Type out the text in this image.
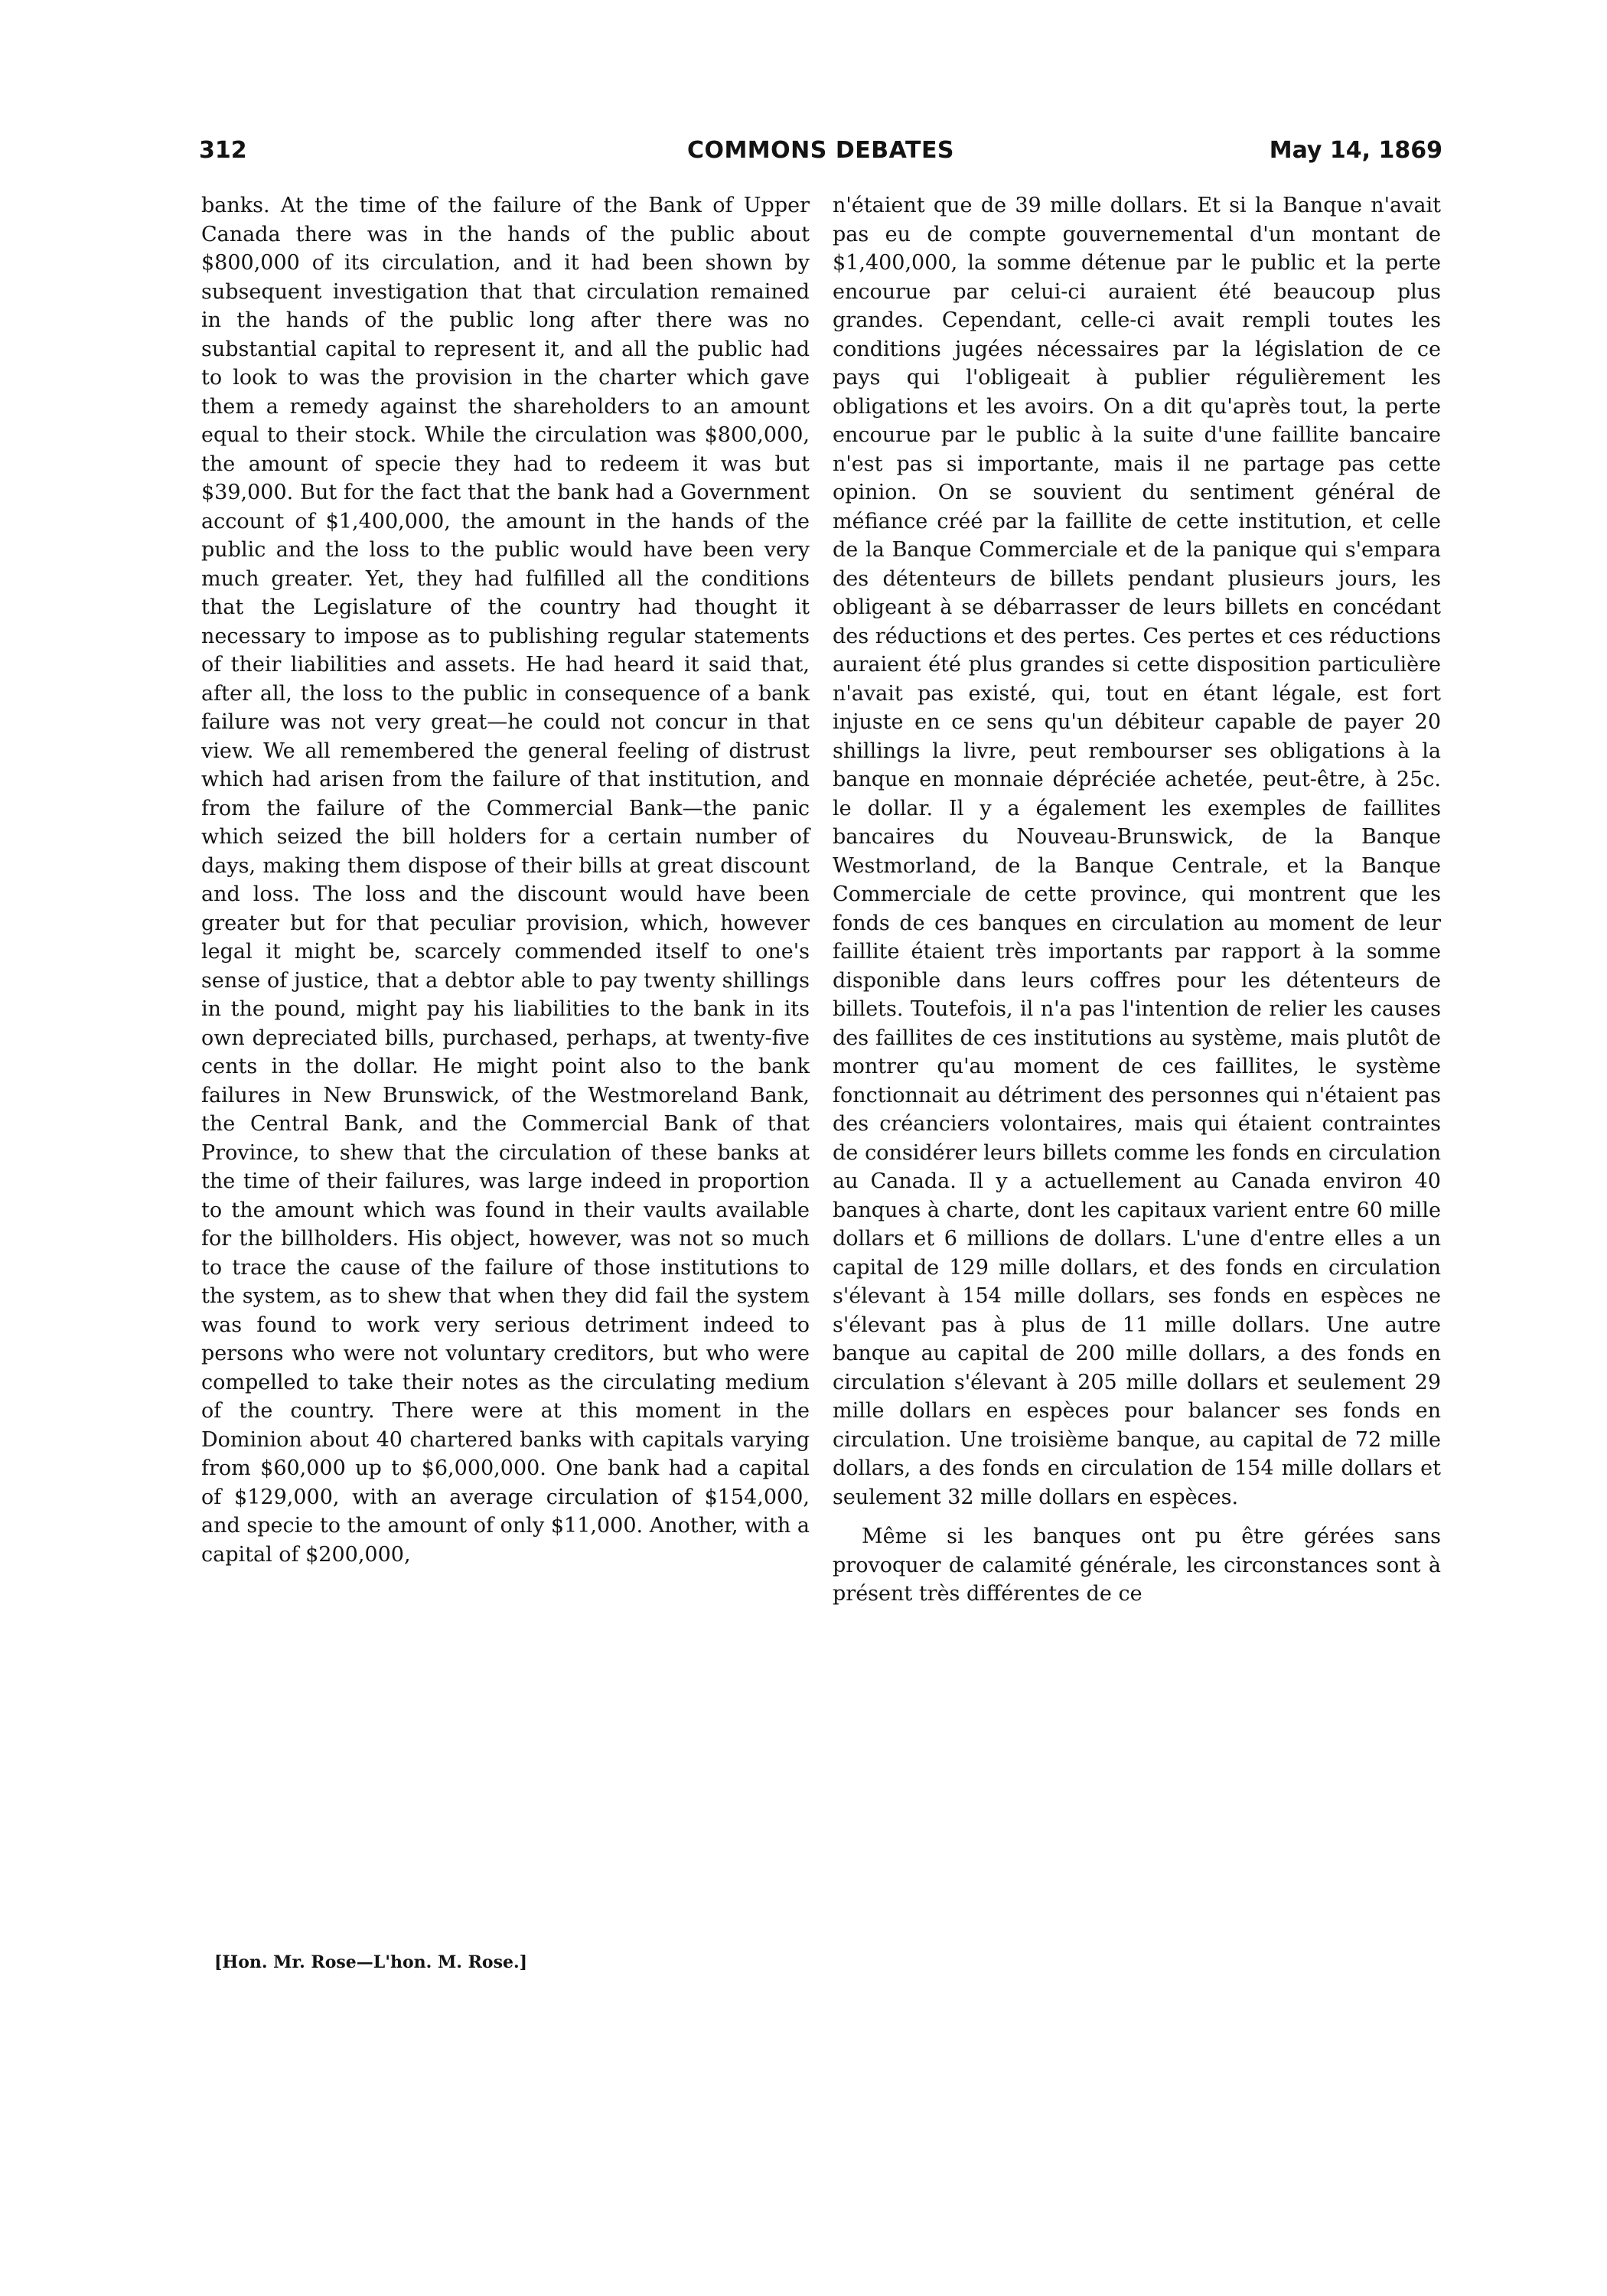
312	COMMONS DEBATES	May 14, 1869

banks. At the time of the failure of the Bank of Upper Canada there was in the hands of the public about $800,000 of its circulation, and it had been shown by subsequent investigation that that circulation remained in the hands of the public long after there was no substantial capital to represent it, and all the public had to look to was the provision in the charter which gave them a remedy against the shareholders to an amount equal to their stock. While the circulation was $800,000, the amount of specie they had to redeem it was but $39,000. But for the fact that the bank had a Government account of $1,400,000, the amount in the hands of the public and the loss to the public would have been very much greater. Yet, they had fulfilled all the conditions that the Legislature of the country had thought it necessary to impose as to publishing regular statements of their liabilities and assets. He had heard it said that, after all, the loss to the public in consequence of a bank failure was not very great—he could not concur in that view. We all remembered the general feeling of distrust which had arisen from the failure of that institution, and from the failure of the Commercial Bank—the panic which seized the bill holders for a certain number of days, making them dispose of their bills at great discount and loss. The loss and the discount would have been greater but for that peculiar provision, which, however legal it might be, scarcely commended itself to one's sense of justice, that a debtor able to pay twenty shillings in the pound, might pay his liabilities to the bank in its own depreciated bills, purchased, perhaps, at twenty-five cents in the dollar. He might point also to the bank failures in New Brunswick, of the Westmoreland Bank, the Central Bank, and the Commercial Bank of that Province, to shew that the circulation of these banks at the time of their failures, was large indeed in proportion to the amount which was found in their vaults available for the billholders. His object, however, was not so much to trace the cause of the failure of those institutions to the system, as to shew that when they did fail the system was found to work very serious detriment indeed to persons who were not voluntary creditors, but who were compelled to take their notes as the circulating medium of the country. There were at this moment in the Dominion about 40 chartered banks with capitals varying from $60,000 up to $6,000,000. One bank had a capital of $129,000, with an average circulation of $154,000, and specie to the amount of only $11,000. Another, with a capital of $200,000,

n'étaient que de 39 mille dollars. Et si la Banque n'avait pas eu de compte gouvernemental d'un montant de $1,400,000, la somme détenue par le public et la perte encourue par celui-ci auraient été beaucoup plus grandes. Cependant, celle-ci avait rempli toutes les conditions jugées nécessaires par la législation de ce pays qui l'obligeait à publier régulièrement les obligations et les avoirs. On a dit qu'après tout, la perte encourue par le public à la suite d'une faillite bancaire n'est pas si importante, mais il ne partage pas cette opinion. On se souvient du sentiment général de méfiance créé par la faillite de cette institution, et celle de la Banque Commerciale et de la panique qui s'empara des détenteurs de billets pendant plusieurs jours, les obligeant à se débarrasser de leurs billets en concédant des réductions et des pertes. Ces pertes et ces réductions auraient été plus grandes si cette disposition particulière n'avait pas existé, qui, tout en étant légale, est fort injuste en ce sens qu'un débiteur capable de payer 20 shillings la livre, peut rembourser ses obligations à la banque en monnaie dépréciée achetée, peut-être, à 25c. le dollar. Il y a également les exemples de faillites bancaires du Nouveau-Brunswick, de la Banque Westmorland, de la Banque Centrale, et la Banque Commerciale de cette province, qui montrent que les fonds de ces banques en circulation au moment de leur faillite étaient très importants par rapport à la somme disponible dans leurs coffres pour les détenteurs de billets. Toutefois, il n'a pas l'intention de relier les causes des faillites de ces institutions au système, mais plutôt de montrer qu'au moment de ces faillites, le système fonctionnait au détriment des personnes qui n'étaient pas des créanciers volontaires, mais qui étaient contraintes de considérer leurs billets comme les fonds en circulation au Canada. Il y a actuellement au Canada environ 40 banques à charte, dont les capitaux varient entre 60 mille dollars et 6 millions de dollars. L'une d'entre elles a un capital de 129 mille dollars, et des fonds en circulation s'élevant à 154 mille dollars, ses fonds en espèces ne s'élevant pas à plus de 11 mille dollars. Une autre banque au capital de 200 mille dollars, a des fonds en circulation s'élevant à 205 mille dollars et seulement 29 mille dollars en espèces pour balancer ses fonds en circulation. Une troisième banque, au capital de 72 mille dollars, a des fonds en circulation de 154 mille dollars et seulement 32 mille dollars en espèces.

Même si les banques ont pu être gérées sans provoquer de calamité générale, les circonstances sont à présent très différentes de ce

[Hon. Mr. Rose—L'hon. M. Rose.]
